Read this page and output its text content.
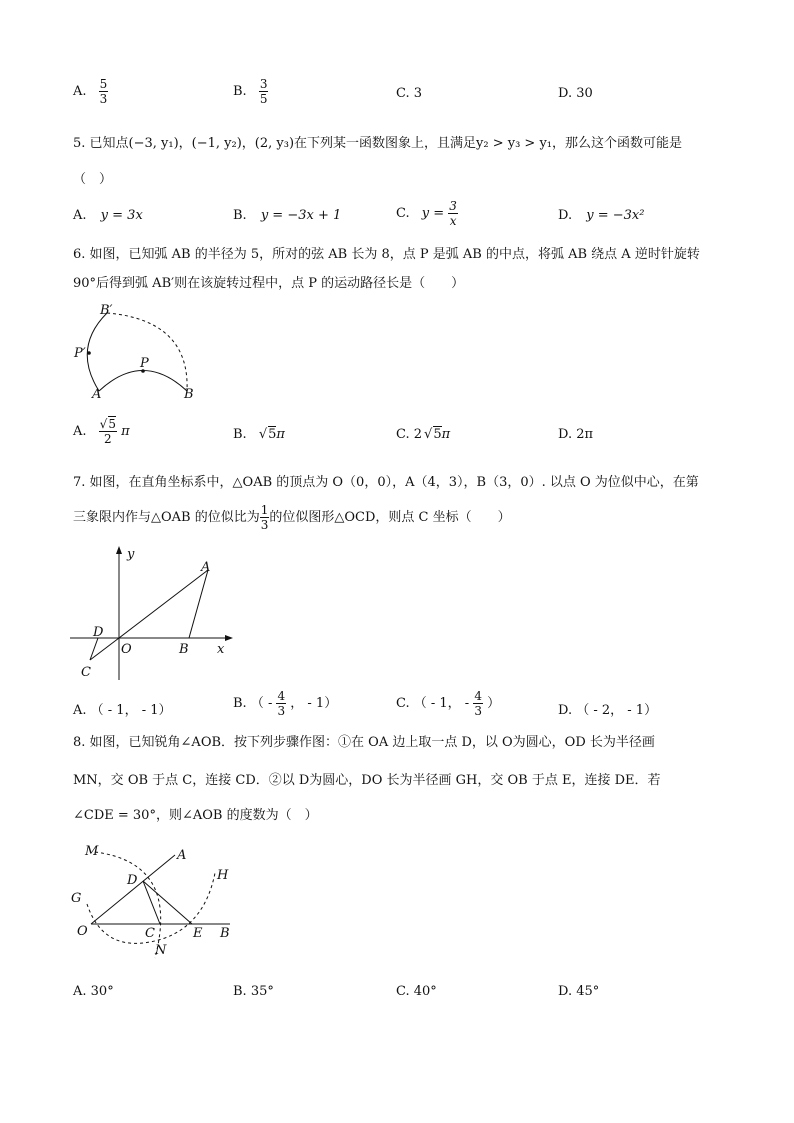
A. $\frac{5}{3}$	B. $\frac{3}{5}$	C. 3	D. 30
5. 已知点(−3, y₁)，(−1, y₂)，(2, y₃)在下列某一函数图象上，且满足y₂ > y₃ > y₁，那么这个函数可能是
（　）
A. y = 3x	B. y = −3x + 1	C. $y = \frac{3}{x}$	D. y = −3x²
6. 如图，已知弧 AB 的半径为 5，所对的弦 AB 长为 8，点 P 是弧 AB 的中点，将弧 AB 绕点 A 逆时针旋转
90°后得到弧 AB′则在该旋转过程中，点 P 的运动路径长是（　　）
B′
P′
P
A	B
A. $\frac{√5}{2}$ π	B. √5π	C. 2 √5π	D. 2π
7. 如图，在直角坐标系中，△OAB 的顶点为 O（0，0），A（4，3），B（3，0）. 以点 O 为位似中心，在第
三象限内作与△OAB 的位似比为 $\frac{1}{3}$ 的位似图形△OCD，则点 C 坐标（　　）
y
A
D
O	B x
C
A. （ - 1， - 1）	B. （ - $\frac{4}{3}$ ， - 1）	C. （ - 1， - $\frac{4}{3}$ ）	D. （ - 2， - 1）
8. 如图，已知锐角∠AOB．按下列步骤作图：①在 OA 边上取一点 D，以 O为圆心，OD 长为半径画
MN，交 OB 于点 C，连接 CD．②以 D为圆心，DO 长为半径画 GH，交 OB 于点 E，连接 DE．若
∠CDE = 30°，则∠AOB 的度数为（　）
M	A
D	H
G
O	C	E B
N
A. 30°	B. 35°	C. 40°	D. 45°
